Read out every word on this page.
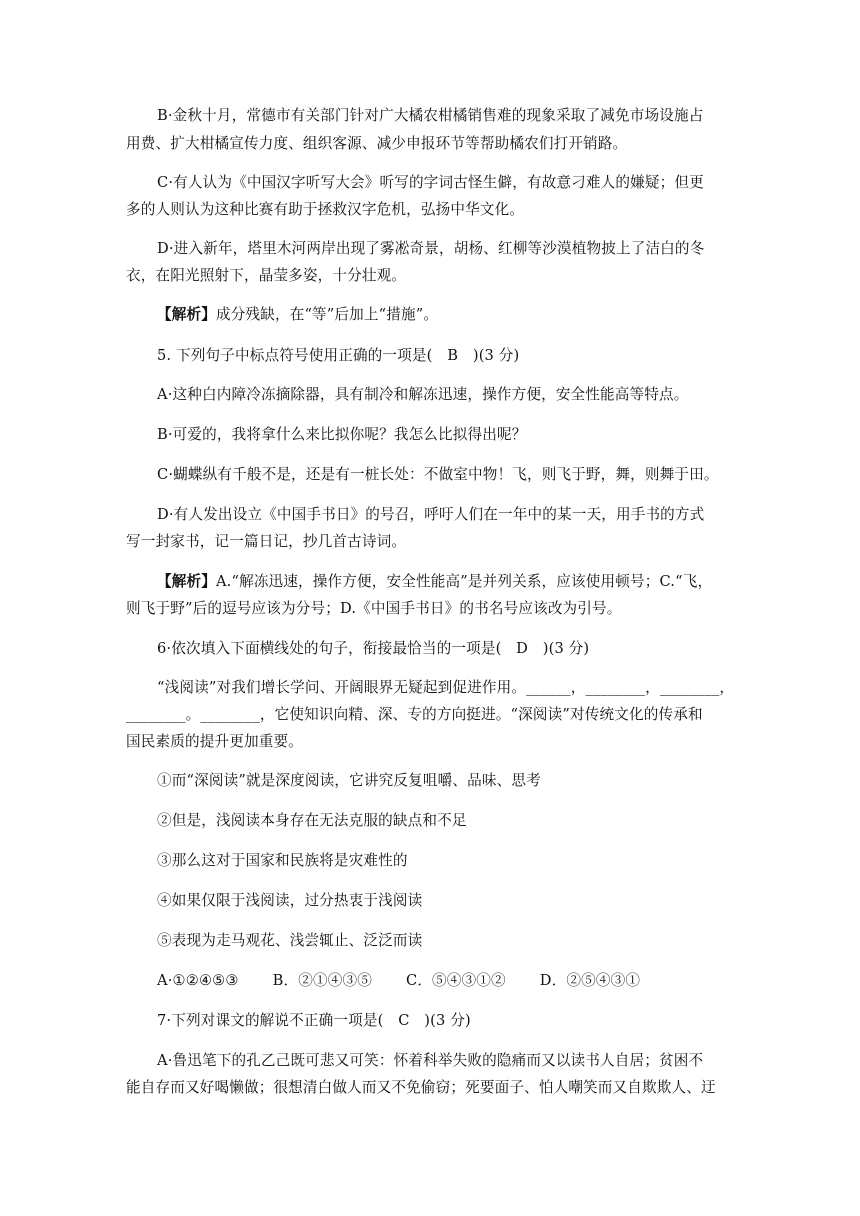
B·金秋十月，常德市有关部门针对广大橘农柑橘销售难的现象采取了减免市场设施占
用费、扩大柑橘宣传力度、组织客源、减少申报环节等帮助橘农们打开销路。
C·有人认为《中国汉字听写大会》听写的字词古怪生僻，有故意刁难人的嫌疑；但更
多的人则认为这种比赛有助于拯救汉字危机，弘扬中华文化。
D·进入新年，塔里木河两岸出现了雾凇奇景，胡杨、红柳等沙漠植物披上了洁白的冬
衣，在阳光照射下，晶莹多姿，十分壮观。
【解析】成分残缺，在“等”后加上“措施”。
5. 下列句子中标点符号使用正确的一项是(　B　)(3 分)
A·这种白内障冷冻摘除器，具有制冷和解冻迅速，操作方便，安全性能高等特点。
B·可爱的，我将拿什么来比拟你呢？我怎么比拟得出呢？
C·蝴蝶纵有千般不是，还是有一桩长处：不做室中物！飞，则飞于野，舞，则舞于田。
D·有人发出设立《中国手书日》的号召，呼吁人们在一年中的某一天，用手书的方式
写一封家书，记一篇日记，抄几首古诗词。
【解析】A.“解冻迅速，操作方便，安全性能高”是并列关系，应该使用顿号；C.“飞，
则飞于野”后的逗号应该为分号；D.《中国手书日》的书名号应该改为引号。
6·依次填入下面横线处的句子，衔接最恰当的一项是(　D　)(3 分)
“浅阅读”对我们增长学问、开阔眼界无疑起到促进作用。______，________，________，
________。________，它使知识向精、深、专的方向挺进。“深阅读”对传统文化的传承和
国民素质的提升更加重要。
①而“深阅读”就是深度阅读，它讲究反复咀嚼、品味、思考
②但是，浅阅读本身存在无法克服的缺点和不足
③那么这对于国家和民族将是灾难性的
④如果仅限于浅阅读，过分热衷于浅阅读
⑤表现为走马观花、浅尝辄止、泛泛而读
A·①②④⑤③ B．②①④③⑤ C．⑤④③①② D．②⑤④③①
7·下列对课文的解说不正确一项是(　C　)(3 分)
A·鲁迅笔下的孔乙己既可悲又可笑：怀着科举失败的隐痛而又以读书人自居；贫困不
能自存而又好喝懒做；很想清白做人而又不免偷窃；死要面子、怕人嘲笑而又自欺欺人、迂
